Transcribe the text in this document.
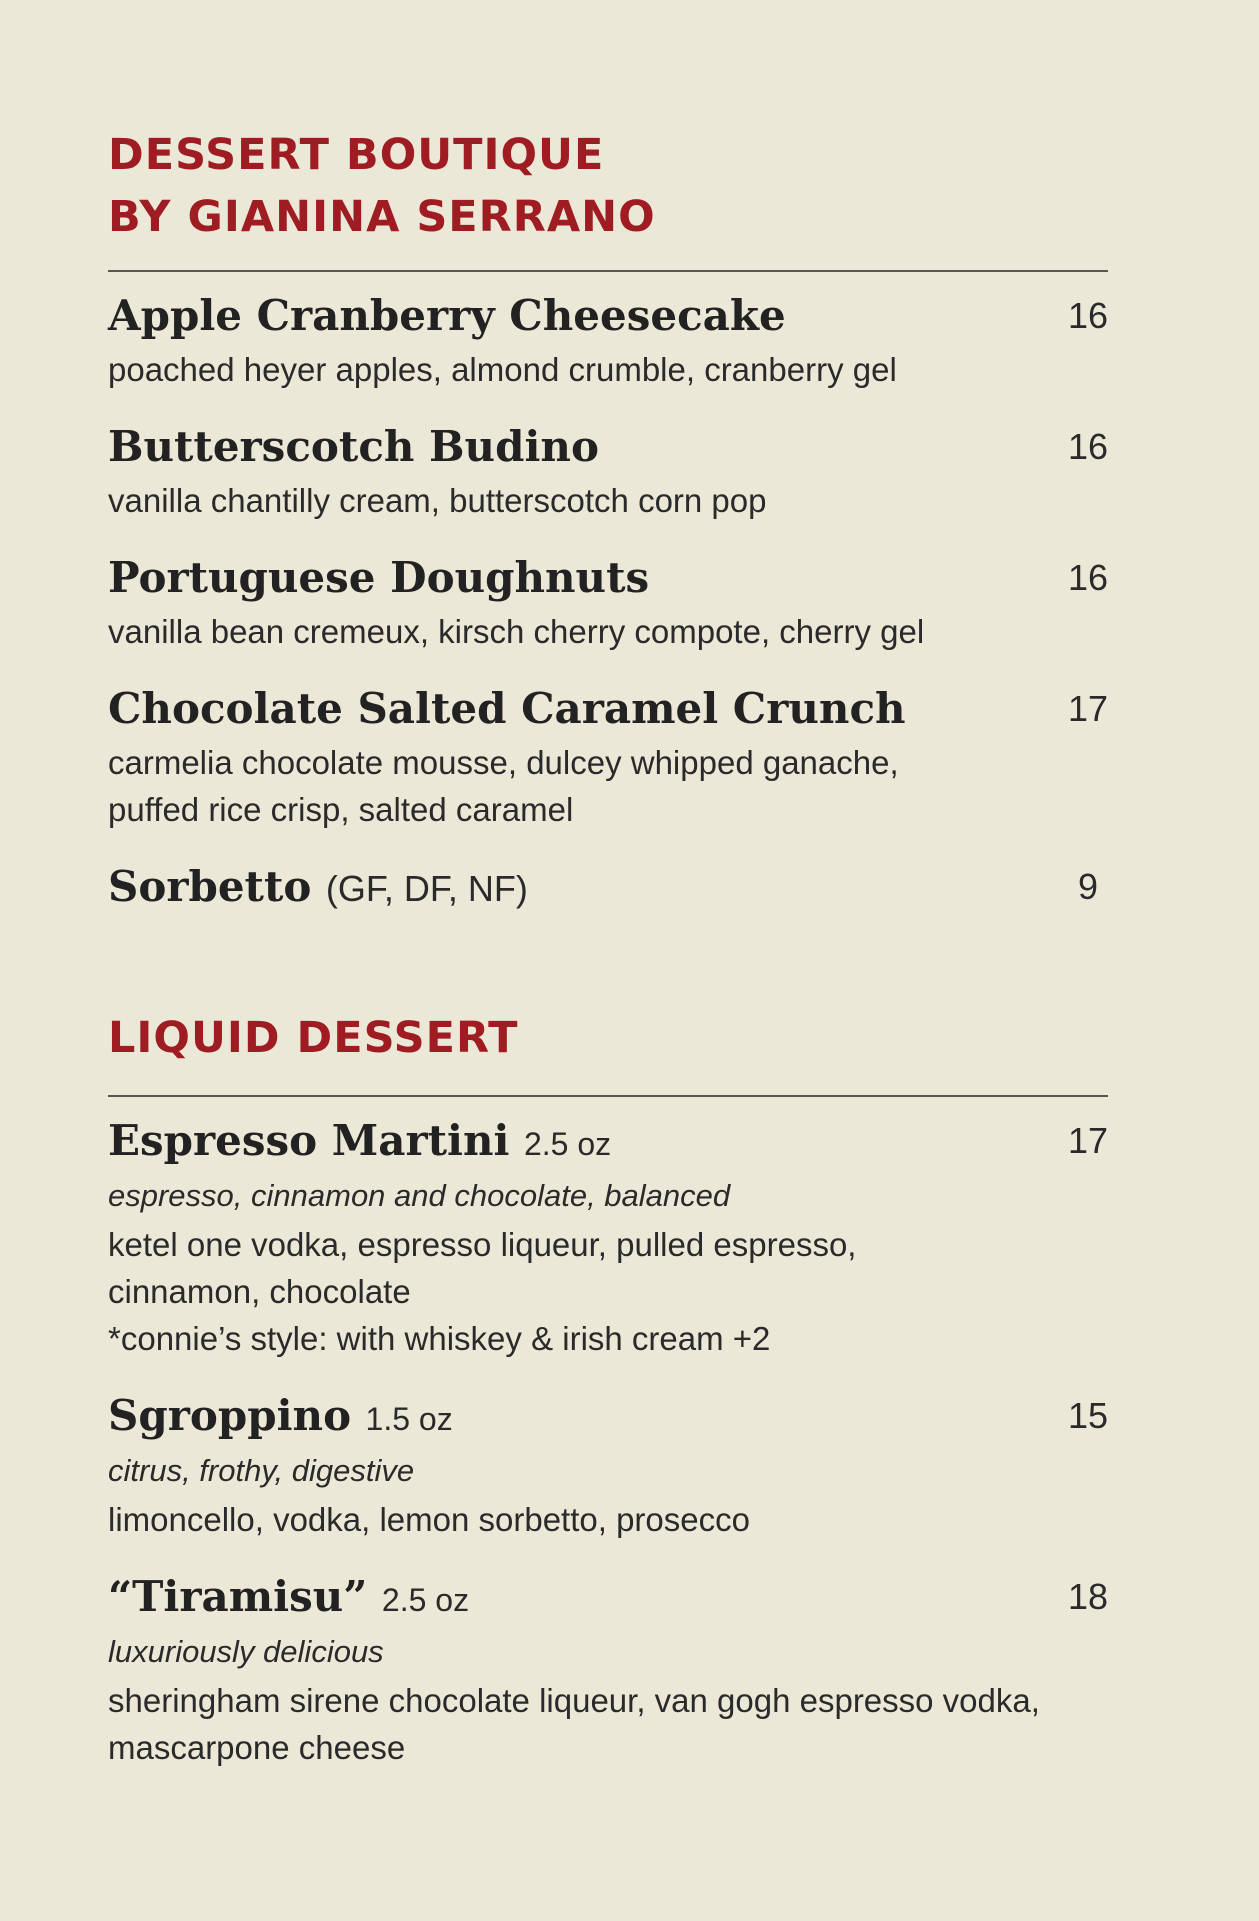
DESSERT BOUTIQUE
BY GIANINA SERRANO
Apple Cranberry Cheesecake	16

poached heyer apples, almond crumble, cranberry gel

Butterscotch Budino	16

vanilla chantilly cream, butterscotch corn pop

Portuguese Doughnuts	16

vanilla bean cremeux, kirsch cherry compote, cherry gel

Chocolate Salted Caramel Crunch	17

carmelia chocolate mousse, dulcey whipped ganache,

puffed rice crisp, salted caramel

Sorbetto (GF, DF, NF)	9
LIQUID DESSERT
Espresso Martini 2.5 oz	17

espresso, cinnamon and chocolate, balanced

ketel one vodka, espresso liqueur, pulled espresso,

cinnamon, chocolate

*connie’s style: with whiskey & irish cream +2

Sgroppino 1.5 oz	15

citrus, frothy, digestive

limoncello, vodka, lemon sorbetto, prosecco

“Tiramisu” 2.5 oz	18

luxuriously delicious

sheringham sirene chocolate liqueur, van gogh espresso vodka,

mascarpone cheese
